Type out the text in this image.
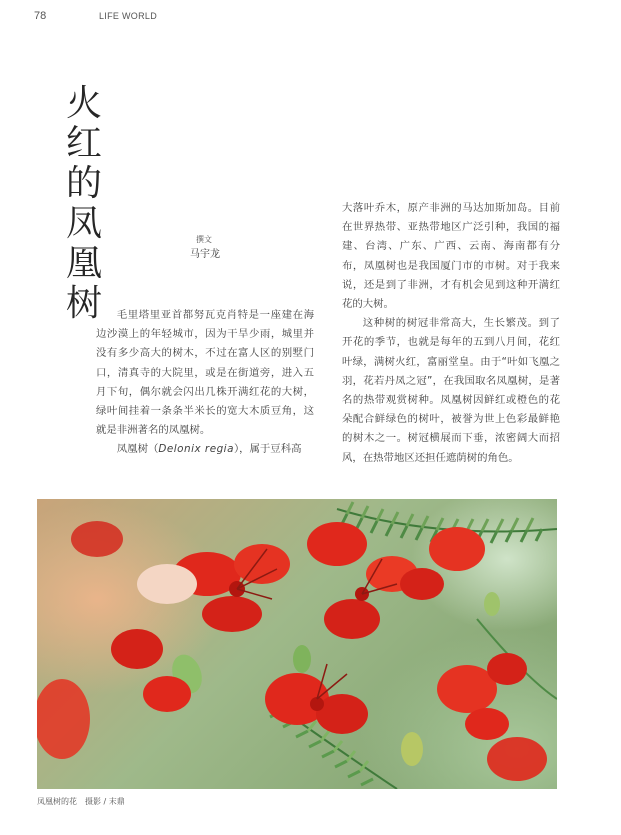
78	LIFE WORLD
火
红
的
凤
凰
树
撰文
马宇龙

毛里塔里亚首都努瓦克肖特是一座建在海边沙漠上的年轻城市，因为干旱少雨，城里并没有多少高大的树木，不过在富人区的别墅门口，清真寺的大院里，或是在街道旁，进入五月下旬，偶尔就会闪出几株开满红花的大树，绿叶间挂着一条条半米长的宽大木质豆角，这就是非洲著名的凤凰树。

凤凰树（Delonix regia），属于豆科高

大落叶乔木，原产非洲的马达加斯加岛。目前在世界热带、亚热带地区广泛引种，我国的福建、台湾、广东、广西、云南、海南都有分布，凤凰树也是我国厦门市的市树。对于我来说，还是到了非洲，才有机会见到这种开满红花的大树。

这种树的树冠非常高大，生长繁茂。到了开花的季节，也就是每年的五到八月间，花红叶绿，满树火红，富丽堂皇。由于“叶如飞凰之羽，花若丹凤之冠”，在我国取名凤凰树，是著名的热带观赏树种。凤凰树因鲜红或橙色的花朵配合鲜绿色的树叶，被誉为世上色彩最鲜艳的树木之一。树冠横展而下垂，浓密阔大而招风，在热带地区还担任遮荫树的角色。

凤凰树的花　摄影 / 末鼎
